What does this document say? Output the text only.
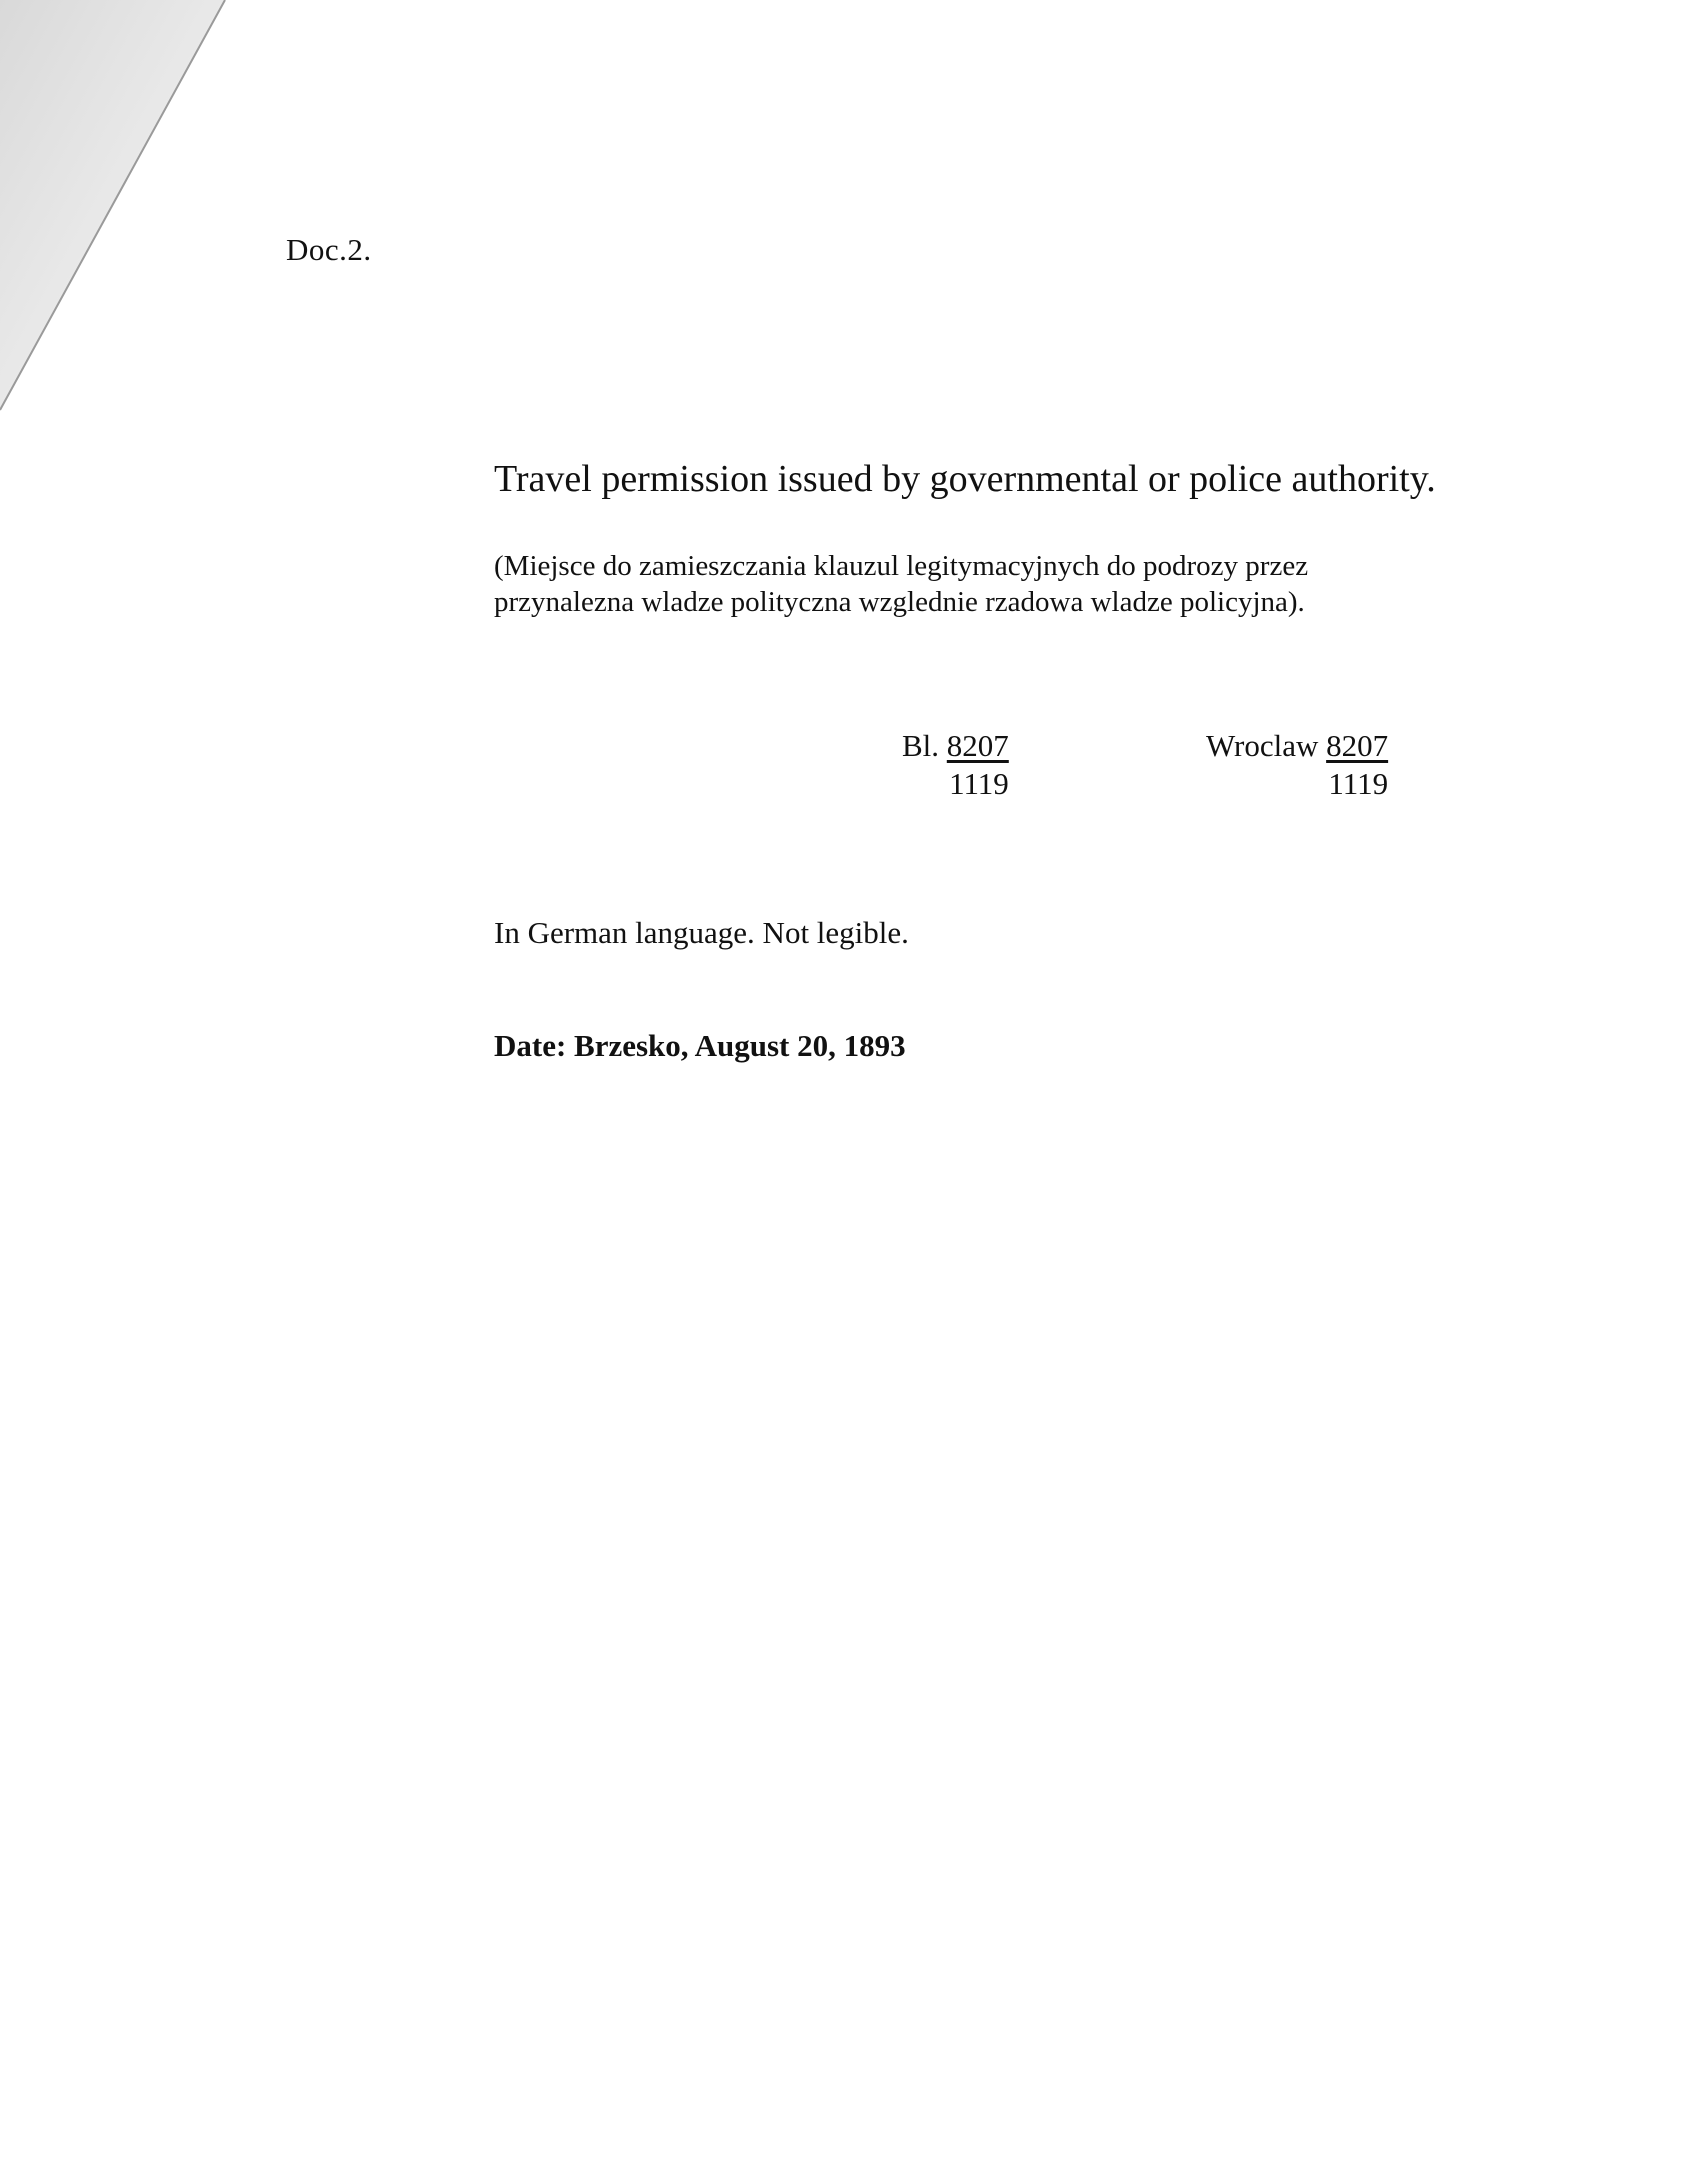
Doc.2.
Travel permission issued by governmental or police authority.
(Miejsce do zamieszczania klauzul legitymacyjnych do podrozy przez
przynalezna wladze polityczna wzglednie rzadowa wladze policyjna).
Bl. 8207
1119
Wroclaw 8207
1119
In German language. Not legible.
Date: Brzesko, August 20, 1893
